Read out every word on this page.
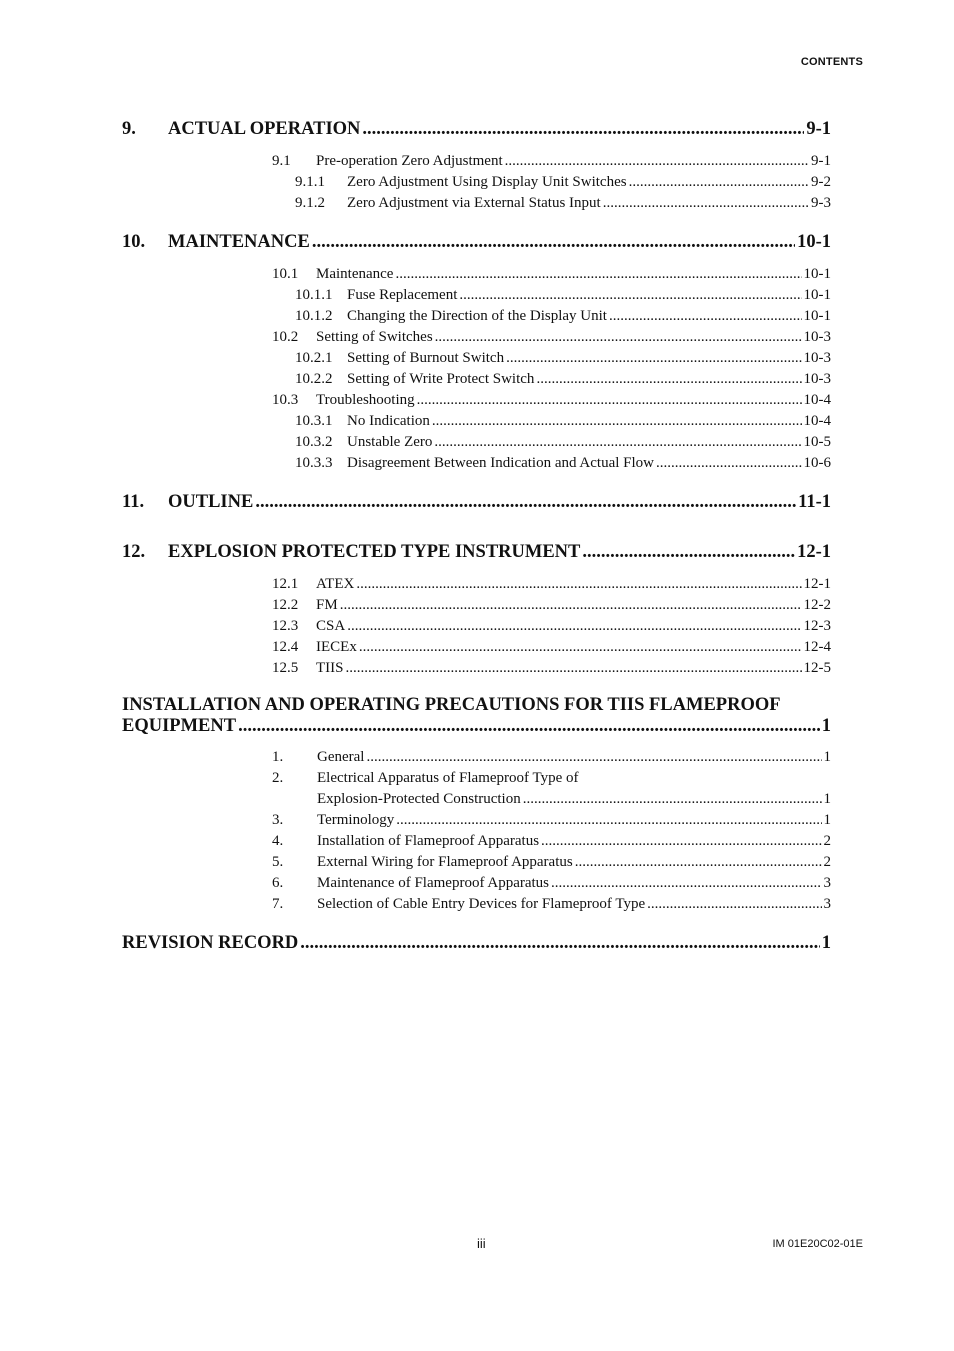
CONTENTS
9.	ACTUAL OPERATION .....	9-1
9.1	Pre-operation Zero Adjustment .....	9-1
9.1.1	Zero Adjustment Using Display Unit Switches .....	9-2
9.1.2	Zero Adjustment via External Status Input .....	9-3
10.	MAINTENANCE .....	10-1
10.1	Maintenance .....	10-1
10.1.1 Fuse Replacement .....	10-1
10.1.2 Changing the Direction of the Display Unit .....	10-1
10.2	Setting of Switches .....	10-3
10.2.1 Setting of Burnout Switch .....	10-3
10.2.2 Setting of Write Protect Switch .....	10-3
10.3	Troubleshooting .....	10-4
10.3.1 No Indication .....	10-4
10.3.2 Unstable Zero .....	10-5
10.3.3 Disagreement Between Indication and Actual Flow .....	10-6
11.	OUTLINE .....	11-1
12.	EXPLOSION PROTECTED TYPE INSTRUMENT .....	12-1
12.1	ATEX .....	12-1
12.2	FM .....	12-2
12.3	CSA .....	12-3
12.4	IECEx .....	12-4
12.5	TIIS .....	12-5
INSTALLATION AND OPERATING PRECAUTIONS FOR TIIS FLAMEPROOF
EQUIPMENT .....	1
1.	General .....	1
2.	Electrical Apparatus of Flameproof Type of
Explosion-Protected Construction .....	1
3.	Terminology .....	1
4.	Installation of Flameproof Apparatus .....	2
5.	External Wiring for Flameproof Apparatus .....	2
6.	Maintenance of Flameproof Apparatus .....	3
7.	Selection of Cable Entry Devices for Flameproof Type .....	3
REVISION RECORD .....	1
iii	IM 01E20C02-01E
